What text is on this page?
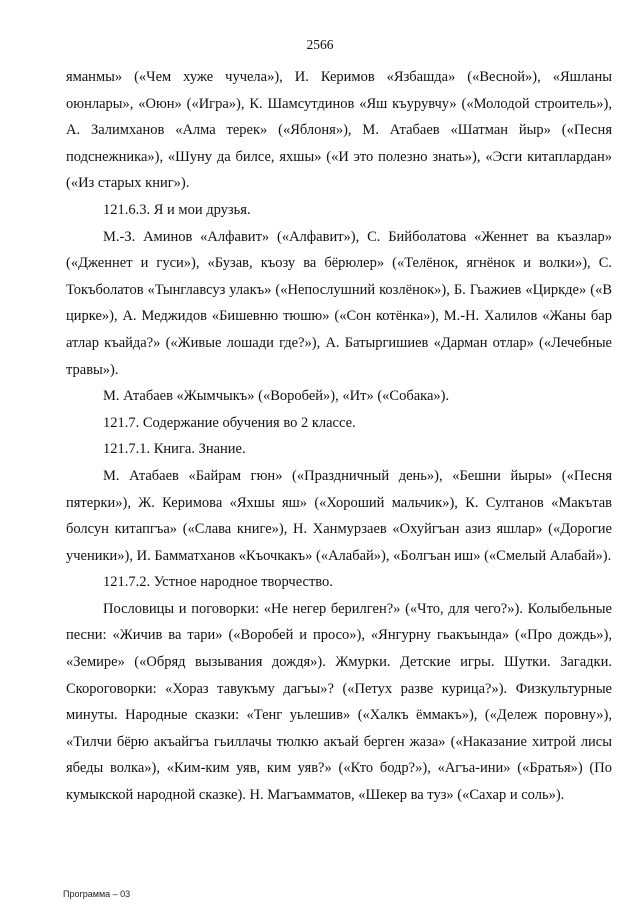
2566

яманмы» («Чем хуже чучела»), И. Керимов «Язбашда» («Весной»), «Яшланы оюнлары», «Оюн» («Игра»), К. Шамсутдинов «Яш къурувчу» («Молодой строитель»), А. Залимханов «Алма терек» («Яблоня»), М. Атабаев «Шатман йыр» («Песня подснежника»), «Шуну да билсе, яхшы» («И это полезно знать»), «Эсги китаплардан» («Из старых книг»).

121.6.3. Я и мои друзья.

М.-З. Аминов «Алфавит» («Алфавит»), С. Бийболатова «Женнет ва къазлар» («Дженнет и гуси»), «Бузав, къозу ва бёрюлер» («Телёнок, ягнёнок и волки»), С. Токъболатов «Тынглавсуз улакъ» («Непослушний козлёнок»), Б. Гьажиев «Циркде» («В цирке»), А. Меджидов «Бишевню тюшю» («Сон котёнка»), М.-Н. Халилов «Жаны бар атлар къайда?» («Живые лошади где?»), А. Батыргишиев «Дарман отлар» («Лечебные травы»).

М. Атабаев «Жымчыкъ» («Воробей»), «Ит» («Собака»).

121.7. Содержание обучения во 2 классе.

121.7.1. Книга. Знание.

М. Атабаев «Байрам гюн» («Праздничный день»), «Бешни йыры» («Песня пятерки»), Ж. Керимова «Яхшы яш» («Хороший мальчик»), К. Султанов «Макътав болсун китапгъа» («Слава книге»), Н. Ханмурзаев «Охуйгъан азиз яшлар» («Дорогие ученики»), И. Бамматханов «Къочкакъ» («Алабай»), «Болгъан иш» («Смелый Алабай»).

121.7.2. Устное народное творчество.

Пословицы и поговорки: «Не негер берилген?» («Что, для чего?»). Колыбельные песни: «Жичив ва тари» («Воробей и просо»), «Янгурну гьакъында» («Про дождь»), «Земире» («Обряд вызывания дождя»). Жмурки. Детские игры. Шутки. Загадки. Скороговорки: «Хораз тавукъму дагъы»? («Петух разве курица?»). Физкультурные минуты. Народные сказки: «Тенг уьлешив» («Халкъ ёммакъ»), («Дележ поровну»), «Тилчи бёрю акъайгъа гьиллачы тюлкю акъай берген жаза» («Наказание хитрой лисы ябеды волка»), «Ким-ким уяв, ким уяв?» («Кто бодр?»), «Агъа-ини» («Братья») (По кумыкской народной сказке). Н. Магъамматов, «Шекер ва туз» («Сахар и соль»).

Программа – 03
